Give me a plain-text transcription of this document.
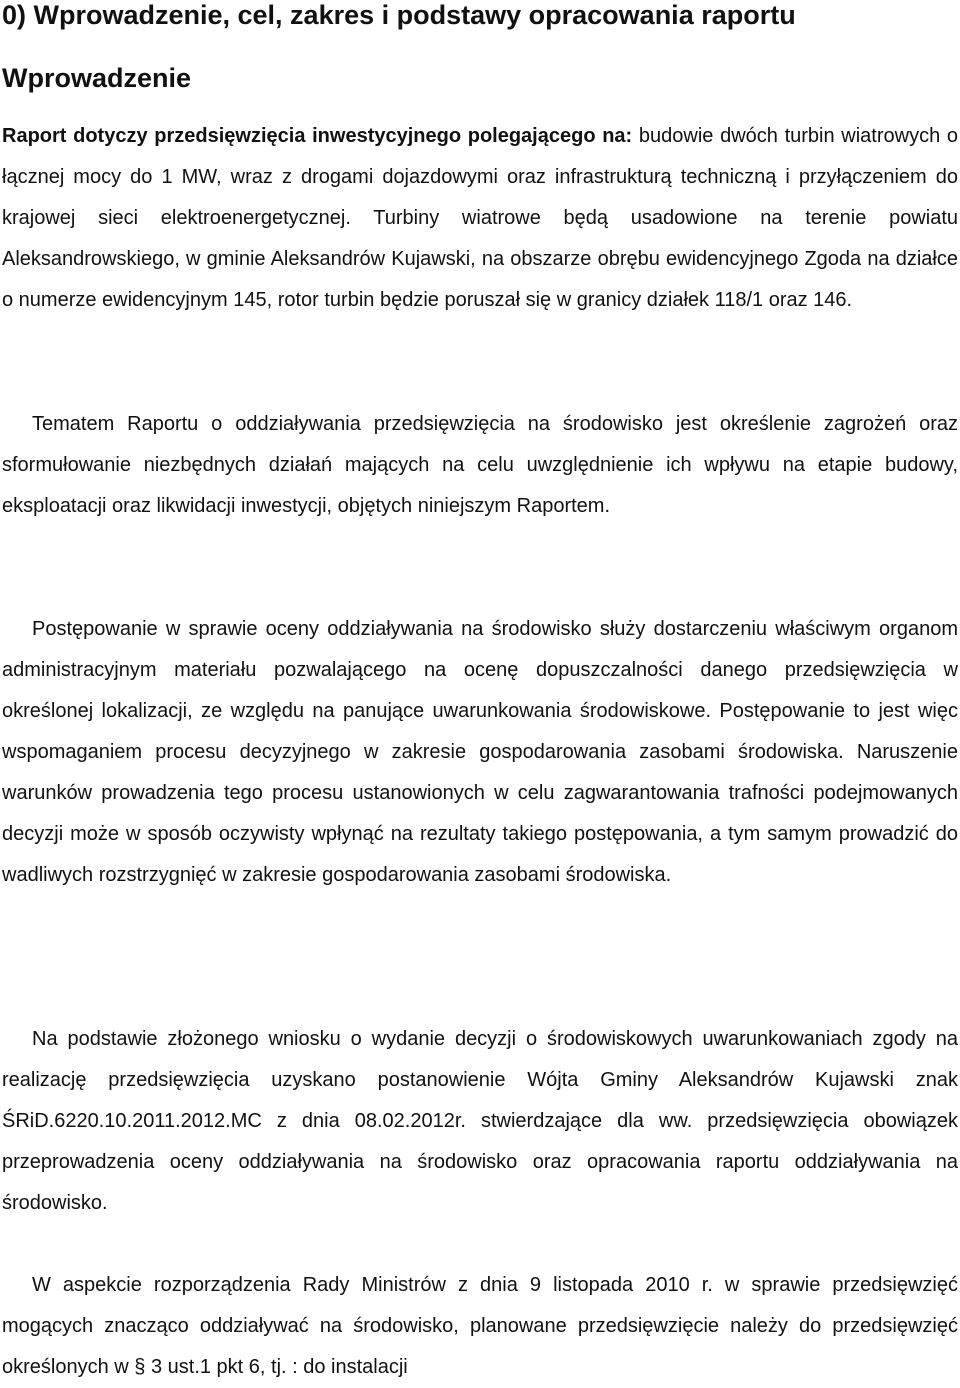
0) Wprowadzenie, cel, zakres i podstawy opracowania raportu
Wprowadzenie

Raport dotyczy przedsięwzięcia inwestycyjnego polegającego na: budowie dwóch turbin wiatrowych o łącznej mocy do 1 MW, wraz z drogami dojazdowymi oraz infrastrukturą techniczną i przyłączeniem do krajowej sieci elektroenergetycznej. Turbiny wiatrowe będą usadowione na terenie powiatu Aleksandrowskiego, w gminie Aleksandrów Kujawski, na obszarze obrębu ewidencyjnego Zgoda na działce o numerze ewidencyjnym 145, rotor turbin będzie poruszał się w granicy działek 118/1 oraz 146.

Tematem Raportu o oddziaływania przedsięwzięcia na środowisko jest określenie zagrożeń oraz sformułowanie niezbędnych działań mających na celu uwzględnienie ich wpływu na etapie budowy, eksploatacji oraz likwidacji inwestycji, objętych niniejszym Raportem.

Postępowanie w sprawie oceny oddziaływania na środowisko służy dostarczeniu właściwym organom administracyjnym materiału pozwalającego na ocenę dopuszczalności danego przedsięwzięcia w określonej lokalizacji, ze względu na panujące uwarunkowania środowiskowe. Postępowanie to jest więc wspomaganiem procesu decyzyjnego w zakresie gospodarowania zasobami środowiska. Naruszenie warunków prowadzenia tego procesu ustanowionych w celu zagwarantowania trafności podejmowanych decyzji może w sposób oczywisty wpłynąć na rezultaty takiego postępowania, a tym samym prowadzić do wadliwych rozstrzygnięć w zakresie gospodarowania zasobami środowiska.

Na podstawie złożonego wniosku o wydanie decyzji o środowiskowych uwarunkowaniach zgody na realizację przedsięwzięcia uzyskano postanowienie Wójta Gminy Aleksandrów Kujawski znak ŚRiD.6220.10.2011.2012.MC z dnia 08.02.2012r. stwierdzające dla ww. przedsięwzięcia obowiązek przeprowadzenia oceny oddziaływania na środowisko oraz opracowania raportu oddziaływania na środowisko.

W aspekcie rozporządzenia Rady Ministrów z dnia 9 listopada 2010 r. w sprawie przedsięwzięć mogących znacząco oddziaływać na środowisko, planowane przedsięwzięcie należy do przedsięwzięć określonych w § 3 ust.1 pkt 6, tj. : do instalacji
